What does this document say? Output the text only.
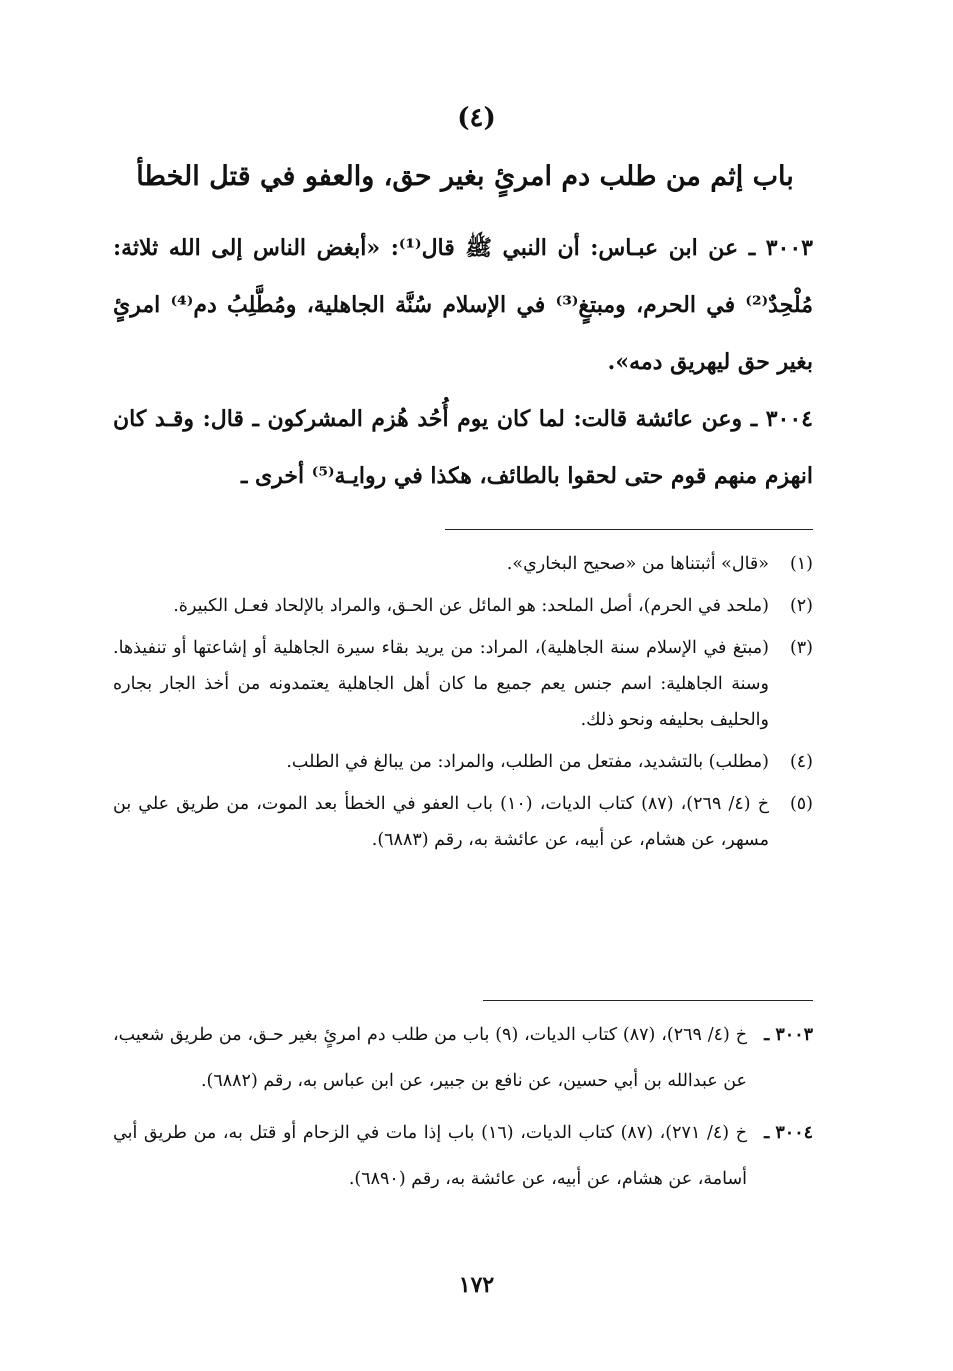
(٤)
باب إثم من طلب دم امرئٍ بغير حق، والعفو في قتل الخطأ
٣٠٠٣ ـ عن ابن عبـاس: أن النبي ﷺ قال⁽¹⁾: «أبغض الناس إلى الله ثلاثة: مُلْحِدٌ⁽²⁾ في الحرم، ومبتغٍ⁽³⁾ في الإسلام سُنَّة الجاهلية، ومُطَّلِبُ دم⁽⁴⁾ امرئٍ بغير حق ليهريق دمه».
٣٠٠٤ ـ وعن عائشة قالت: لما كان يوم أُحُد هُزم المشركون ـ قال: وقـد كان انهزم منهم قوم حتى لحقوا بالطائف، هكذا في روايـة⁽⁵⁾ أخرى ـ
(١)
«قال» أثبتناها من «صحيح البخاري».
(٢)
(ملحد في الحرم)، أصل الملحد: هو المائل عن الحـق، والمراد بالإلحاد فعـل الكبيرة.
(٣)
(مبتغ في الإسلام سنة الجاهلية)، المراد: من يريد بقاء سيرة الجاهلية أو إشاعتها أو تنفيذها. وسنة الجاهلية: اسم جنس يعم جميع ما كان أهل الجاهلية يعتمدونه من أخذ الجار بجاره والحليف بحليفه ونحو ذلك.
(٤)
(مطلب) بالتشديد، مفتعل من الطلب، والمراد: من يبالغ في الطلب.
(٥)
خ (٤/ ٢٦٩)، (٨٧) كتاب الديات، (١٠) باب العفو في الخطأ بعد الموت، من طريق علي بن مسهر، عن هشام، عن أبيه، عن عائشة به، رقم (٦٨٨٣).
٣٠٠٣ ـ
خ (٤/ ٢٦٩)، (٨٧) كتاب الديات، (٩) باب من طلب دم امرئٍ بغير حـق، من طريق شعيب، عن عبدالله بن أبي حسين، عن نافع بن جبير، عن ابن عباس به، رقم (٦٨٨٢).
٣٠٠٤ ـ
خ (٤/ ٢٧١)، (٨٧) كتاب الديات، (١٦) باب إذا مات في الزحام أو قتل به، من طريق أبي أسامة، عن هشام، عن أبيه، عن عائشة به، رقم (٦٨٩٠).
١٧٢
